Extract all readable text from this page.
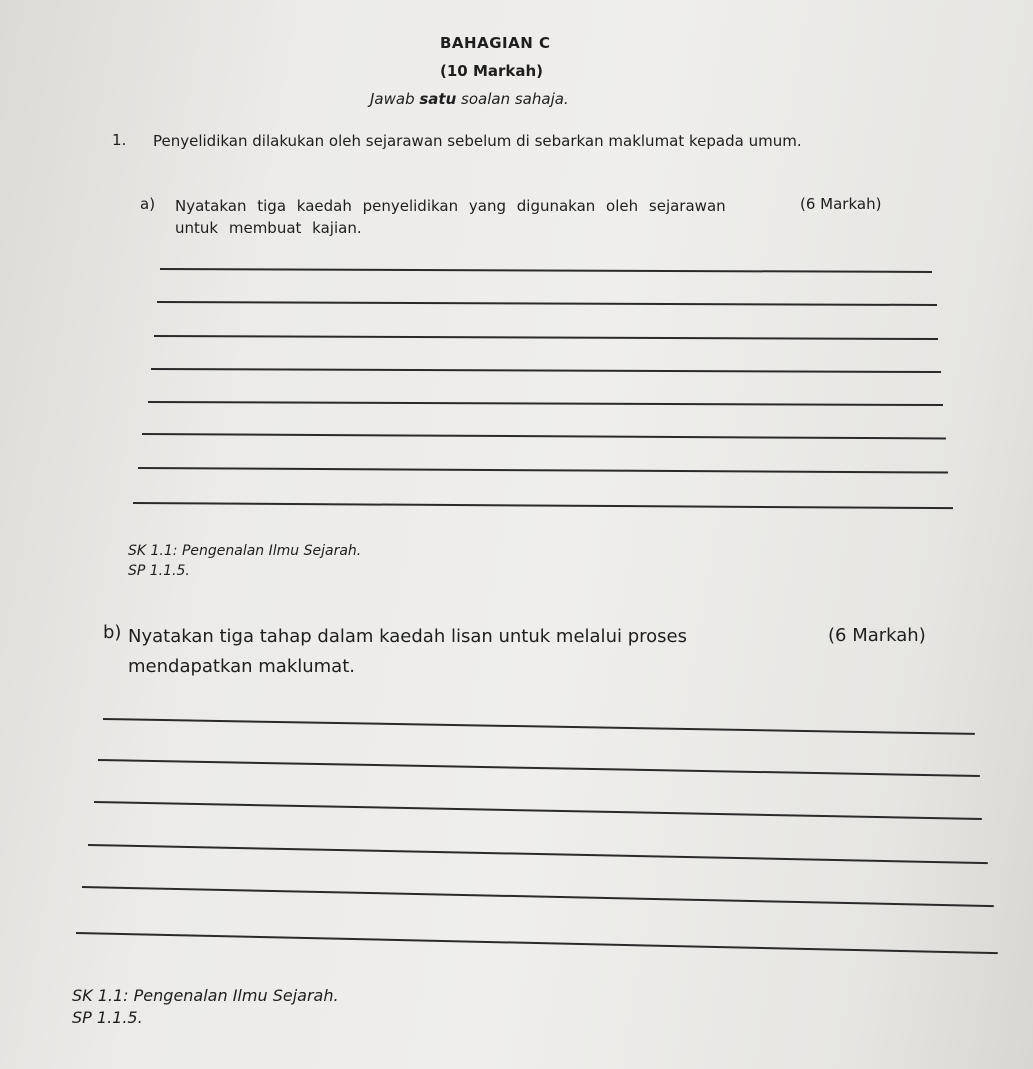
BAHAGIAN C
(10 Markah)
Jawab satu soalan sahaja.
1. Penyelidikan dilakukan oleh sejarawan sebelum di sebarkan maklumat kepada umum.
a) Nyatakan tiga kaedah penyelidikan yang digunakan oleh sejarawan untuk membuat kajian.
(6 Markah)
SK 1.1: Pengenalan Ilmu Sejarah.
SP 1.1.5.
b) Nyatakan tiga tahap dalam kaedah lisan untuk melalui proses mendapatkan maklumat.
(6 Markah)
SK 1.1: Pengenalan Ilmu Sejarah.
SP 1.1.5.
